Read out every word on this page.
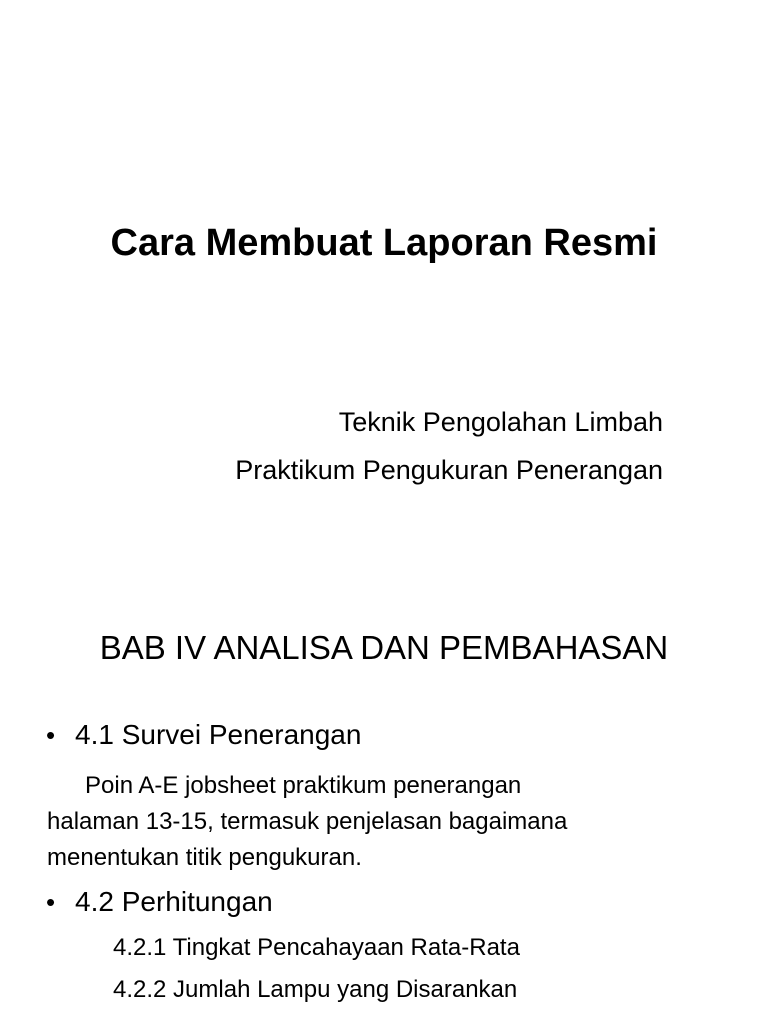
Cara Membuat Laporan Resmi
Teknik Pengolahan Limbah
Praktikum Pengukuran Penerangan
BAB IV ANALISA DAN PEMBAHASAN
• 4.1 Survei Penerangan
Poin A-E jobsheet praktikum penerangan
halaman 13-15, termasuk penjelasan bagaimana
menentukan titik pengukuran.
• 4.2 Perhitungan
4.2.1 Tingkat Pencahayaan Rata-Rata
4.2.2 Jumlah Lampu yang Disarankan
